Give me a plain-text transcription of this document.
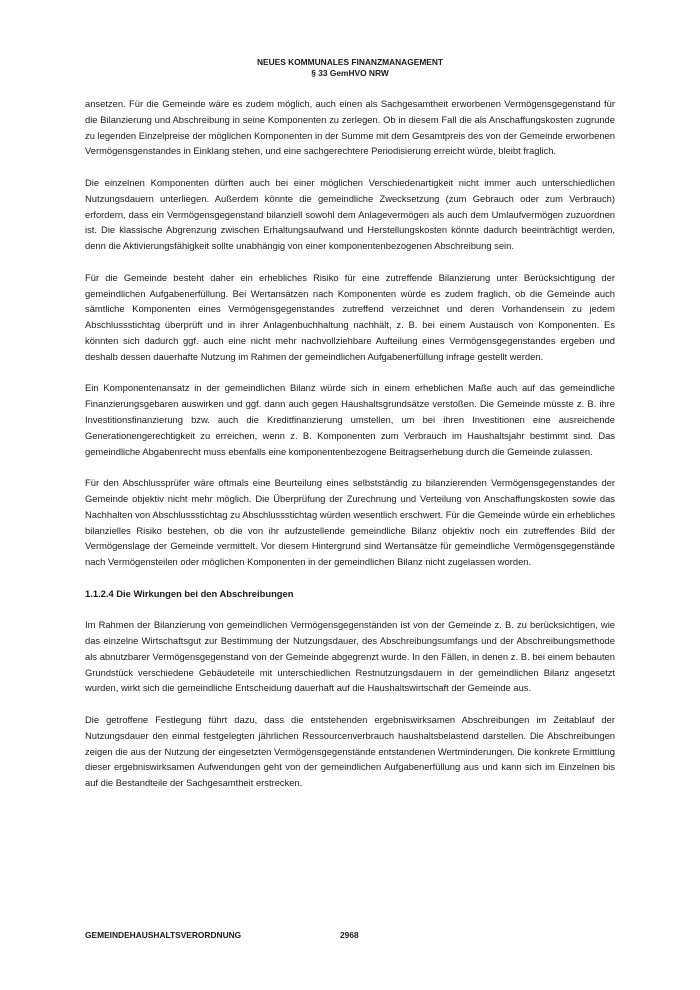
NEUES KOMMUNALES FINANZMANAGEMENT
§ 33 GemHVO NRW

ansetzen. Für die Gemeinde wäre es zudem möglich, auch einen als Sachgesamtheit erworbenen Vermögensgegenstand für die Bilanzierung und Abschreibung in seine Komponenten zu zerlegen. Ob in diesem Fall die als Anschaffungskosten zugrunde zu legenden Einzelpreise der möglichen Komponenten in der Summe mit dem Gesamtpreis des von der Gemeinde erworbenen Vermögensgenstandes in Einklang stehen, und eine sachgerechtere Periodisierung erreicht würde, bleibt fraglich.

Die einzelnen Komponenten dürften auch bei einer möglichen Verschiedenartigkeit nicht immer auch unterschiedlichen Nutzungsdauern unterliegen. Außerdem könnte die gemeindliche Zwecksetzung (zum Gebrauch oder zum Verbrauch) erfordern, dass ein Vermögensgegenstand bilanziell sowohl dem Anlagevermögen als auch dem Umlaufvermögen zuzuordnen ist. Die klassische Abgrenzung zwischen Erhaltungsaufwand und Herstellungskosten könnte dadurch beeinträchtigt werden, denn die Aktivierungsfähigkeit sollte unabhängig von einer komponentenbezogenen Abschreibung sein.

Für die Gemeinde besteht daher ein erhebliches Risiko für eine zutreffende Bilanzierung unter Berücksichtigung der gemeindlichen Aufgabenerfüllung. Bei Wertansätzen nach Komponenten würde es zudem fraglich, ob die Gemeinde auch sämtliche Komponenten eines Vermögensgegenstandes zutreffend verzeichnet und deren Vorhandensein zu jedem Abschlussstichtag überprüft und in ihrer Anlagenbuchhaltung nachhält, z. B. bei einem Austausch von Komponenten. Es könnten sich dadurch ggf. auch eine nicht mehr nachvollziehbare Aufteilung eines Vermögensgegenstandes ergeben und deshalb dessen dauerhafte Nutzung im Rahmen der gemeindlichen Aufgabenerfüllung infrage gestellt werden.

Ein Komponentenansatz in der gemeindlichen Bilanz würde sich in einem erheblichen Maße auch auf das gemeindliche Finanzierungsgebaren auswirken und ggf. dann auch gegen Haushaltsgrundsätze verstoßen. Die Gemeinde müsste z. B. ihre Investitionsfinanzierung bzw. auch die Kreditfinanzierung umstellen, um bei ihren Investitionen eine ausreichende Generationengerechtigkeit zu erreichen, wenn z. B. Komponenten zum Verbrauch im Haushaltsjahr bestimmt sind. Das gemeindliche Abgabenrecht muss ebenfalls eine komponentenbezogene Beitragserhebung durch die Gemeinde zulassen.

Für den Abschlussprüfer wäre oftmals eine Beurteilung eines selbstständig zu bilanzierenden Vermögensgegenstandes der Gemeinde objektiv nicht mehr möglich. Die Überprüfung der Zurechnung und Verteilung von Anschaffungskosten sowie das Nachhalten von Abschlussstichtag zu Abschlussstichtag würden wesentlich erschwert. Für die Gemeinde würde ein erhebliches bilanzielles Risiko bestehen, ob die von ihr aufzustellende gemeindliche Bilanz objektiv noch ein zutreffendes Bild der Vermögenslage der Gemeinde vermittelt. Vor diesem Hintergrund sind Wertansätze für gemeindliche Vermögensgegenstände nach Vermögensteilen oder möglichen Komponenten in der gemeindlichen Bilanz nicht zugelassen worden.

1.1.2.4 Die Wirkungen bei den Abschreibungen

Im Rahmen der Bilanzierung von gemeindlichen Vermögensgegenständen ist von der Gemeinde z. B. zu berücksichtigen, wie das einzelne Wirtschaftsgut zur Bestimmung der Nutzungsdauer, des Abschreibungsumfangs und der Abschreibungsmethode als abnutzbarer Vermögensgegenstand von der Gemeinde abgegrenzt wurde. In den Fällen, in denen z. B. bei einem bebauten Grundstück verschiedene Gebäudeteile mit unterschiedlichen Restnutzungsdauern in der gemeindlichen Bilanz angesetzt wurden, wirkt sich die gemeindliche Entscheidung dauerhaft auf die Haushaltswirtschaft der Gemeinde aus.

Die getroffene Festlegung führt dazu, dass die entstehenden ergebniswirksamen Abschreibungen im Zeitablauf der Nutzungsdauer den einmal festgelegten jährlichen Ressourcenverbrauch haushaltsbelastend darstellen. Die Abschreibungen zeigen die aus der Nutzung der eingesetzten Vermögensgegenstände entstandenen Wertminderungen. Die konkrete Ermittlung dieser ergebniswirksamen Aufwendungen geht von der gemeindlichen Aufgabenerfüllung aus und kann sich im Einzelnen bis auf die Bestandteile der Sachgesamtheit erstrecken.

GEMEINDEHAUSHALTSVERORDNUNG	2968
